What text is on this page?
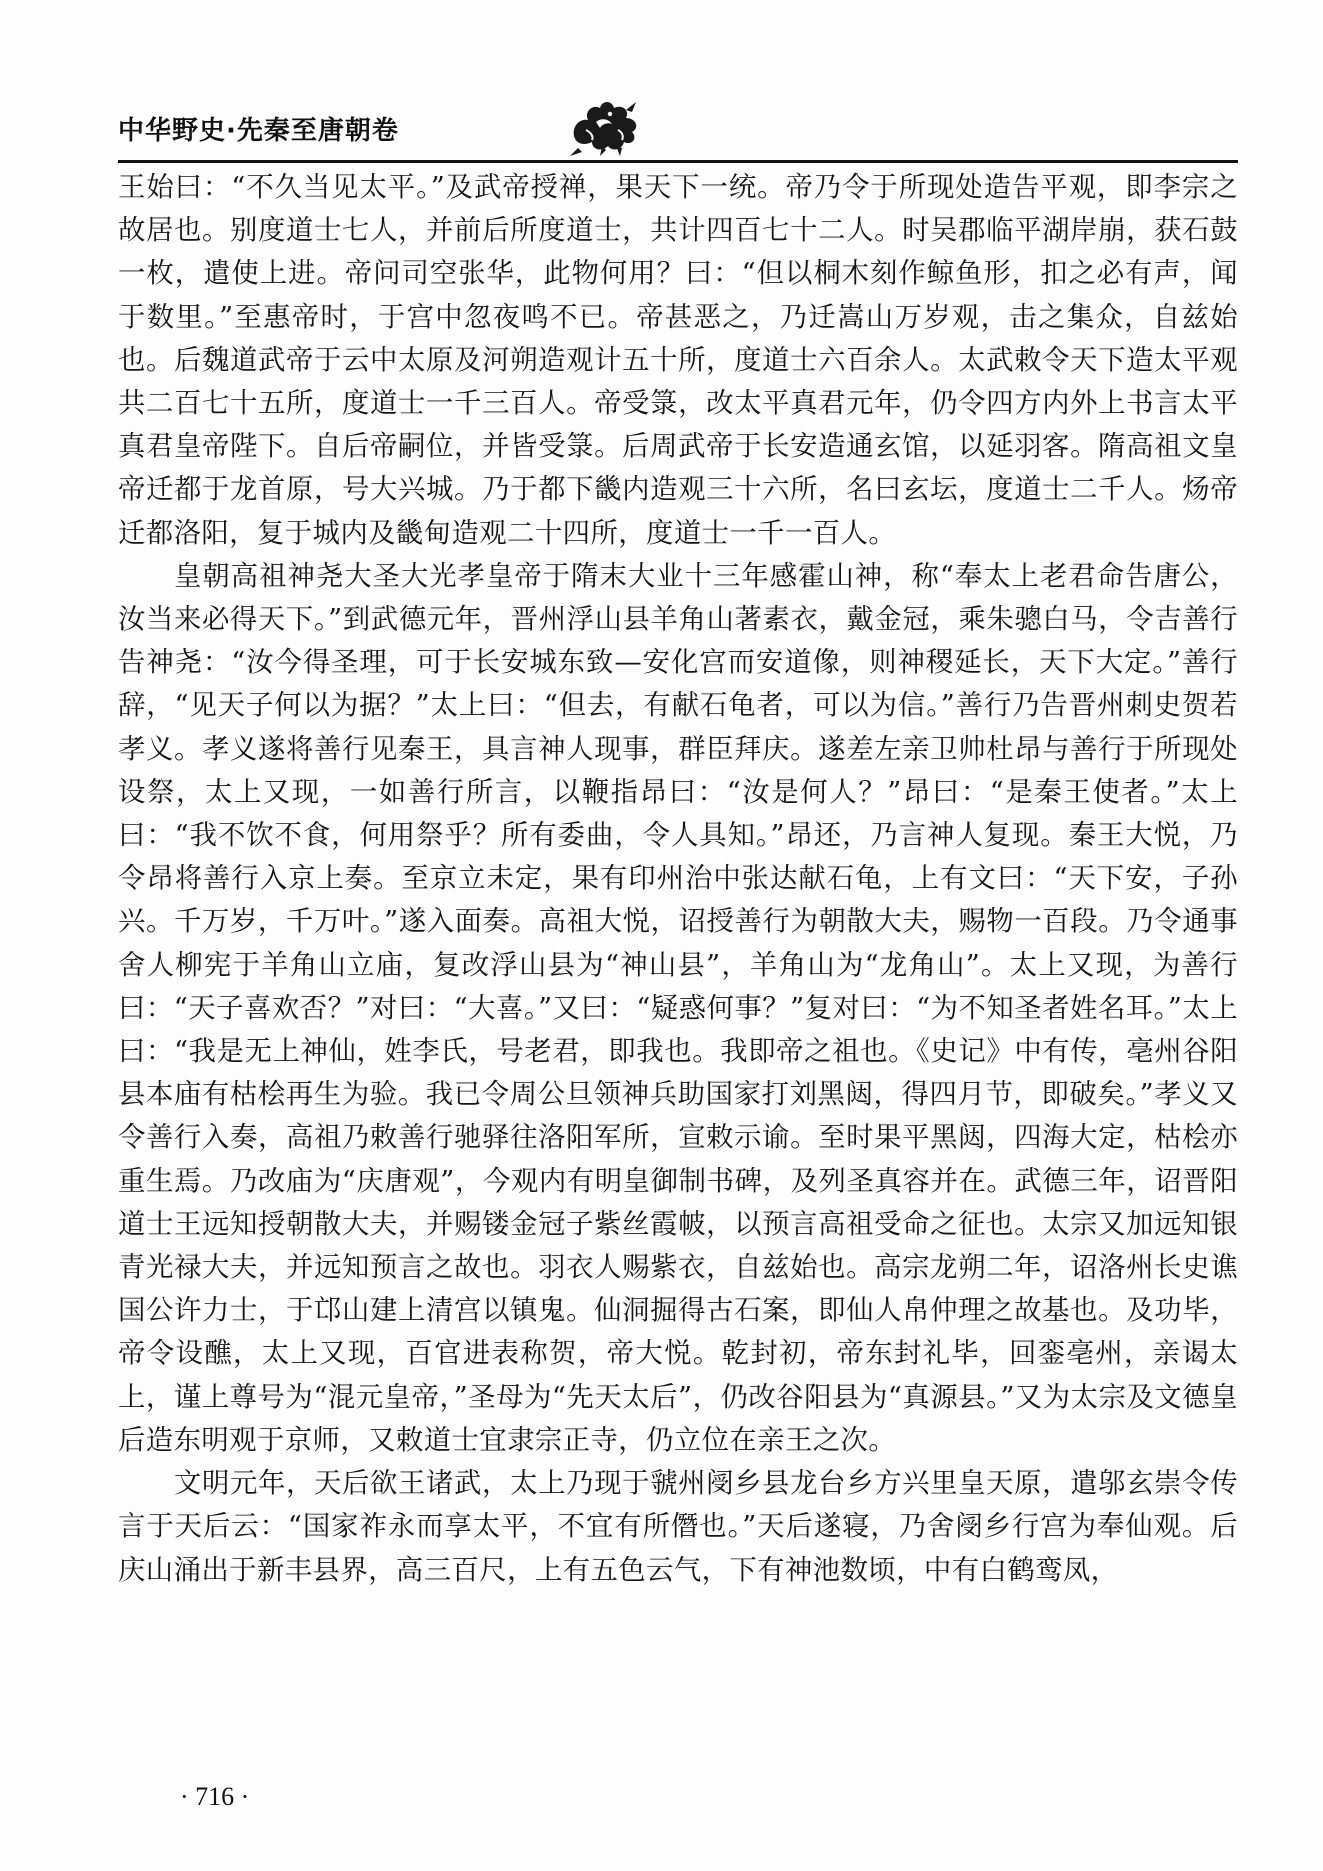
中华野史·先秦至唐朝卷

王始曰：“不久当见太平。”及武帝授禅，果天下一统。帝乃令于所现处造告平观，即李宗之故居也。别度道士七人，并前后所度道士，共计四百七十二人。时吴郡临平湖岸崩，获石鼓一枚，遣使上进。帝问司空张华，此物何用？曰：“但以桐木刻作鲸鱼形，扣之必有声，闻于数里。”至惠帝时，于宫中忽夜鸣不已。帝甚恶之，乃迁嵩山万岁观，击之集众，自兹始也。后魏道武帝于云中太原及河朔造观计五十所，度道士六百余人。太武敕令天下造太平观共二百七十五所，度道士一千三百人。帝受箓，改太平真君元年，仍令四方内外上书言太平真君皇帝陛下。自后帝嗣位，并皆受箓。后周武帝于长安造通玄馆，以延羽客。隋高祖文皇帝迁都于龙首原，号大兴城。乃于都下畿内造观三十六所，名曰玄坛，度道士二千人。炀帝迁都洛阳，复于城内及畿甸造观二十四所，度道士一千一百人。

皇朝高祖神尧大圣大光孝皇帝于隋末大业十三年感霍山神，称“奉太上老君命告唐公，汝当来必得天下。”到武德元年，晋州浮山县羊角山著素衣，戴金冠，乘朱骢白马，令吉善行告神尧：“汝今得圣理，可于长安城东致—安化宫而安道像，则神稷延长，天下大定。”善行辞，“见天子何以为据？”太上曰：“但去，有献石龟者，可以为信。”善行乃告晋州刺史贺若孝义。孝义遂将善行见秦王，具言神人现事，群臣拜庆。遂差左亲卫帅杜昂与善行于所现处设祭，太上又现，一如善行所言，以鞭指昂曰：“汝是何人？”昂曰：“是秦王使者。”太上曰：“我不饮不食，何用祭乎？所有委曲，令人具知。”昂还，乃言神人复现。秦王大悦，乃令昂将善行入京上奏。至京立未定，果有印州治中张达献石龟，上有文曰：“天下安，子孙兴。千万岁，千万叶。”遂入面奏。高祖大悦，诏授善行为朝散大夫，赐物一百段。乃令通事舍人柳宪于羊角山立庙，复改浮山县为“神山县”，羊角山为“龙角山”。太上又现，为善行曰：“天子喜欢否？”对曰：“大喜。”又曰：“疑惑何事？”复对曰：“为不知圣者姓名耳。”太上曰：“我是无上神仙，姓李氏，号老君，即我也。我即帝之祖也。《史记》中有传，亳州谷阳县本庙有枯桧再生为验。我已令周公旦领神兵助国家打刘黑闼，得四月节，即破矣。”孝义又令善行入奏，高祖乃敕善行驰驿往洛阳军所，宣敕示谕。至时果平黑闼，四海大定，枯桧亦重生焉。乃改庙为“庆唐观”，今观内有明皇御制书碑，及列圣真容并在。武德三年，诏晋阳道士王远知授朝散大夫，并赐镂金冠子紫丝霞帔，以预言高祖受命之征也。太宗又加远知银青光禄大夫，并远知预言之故也。羽衣人赐紫衣，自兹始也。高宗龙朔二年，诏洛州长史谯国公许力士，于邙山建上清宫以镇鬼。仙洞掘得古石案，即仙人帛仲理之故基也。及功毕，帝令设醮，太上又现，百官进表称贺，帝大悦。乾封初，帝东封礼毕，回銮亳州，亲谒太上，谨上尊号为“混元皇帝，”圣母为“先天太后”，仍改谷阳县为“真源县。”又为太宗及文德皇后造东明观于京师，又敕道士宜隶宗正寺，仍立位在亲王之次。

文明元年，天后欲王诸武，太上乃现于虢州阌乡县龙台乡方兴里皇天原，遣邬玄崇令传言于天后云：“国家祚永而享太平，不宜有所僭也。”天后遂寝，乃舍阌乡行宫为奉仙观。后庆山涌出于新丰县界，高三百尺，上有五色云气，下有神池数顷，中有白鹤鸾凤，

· 716 ·
